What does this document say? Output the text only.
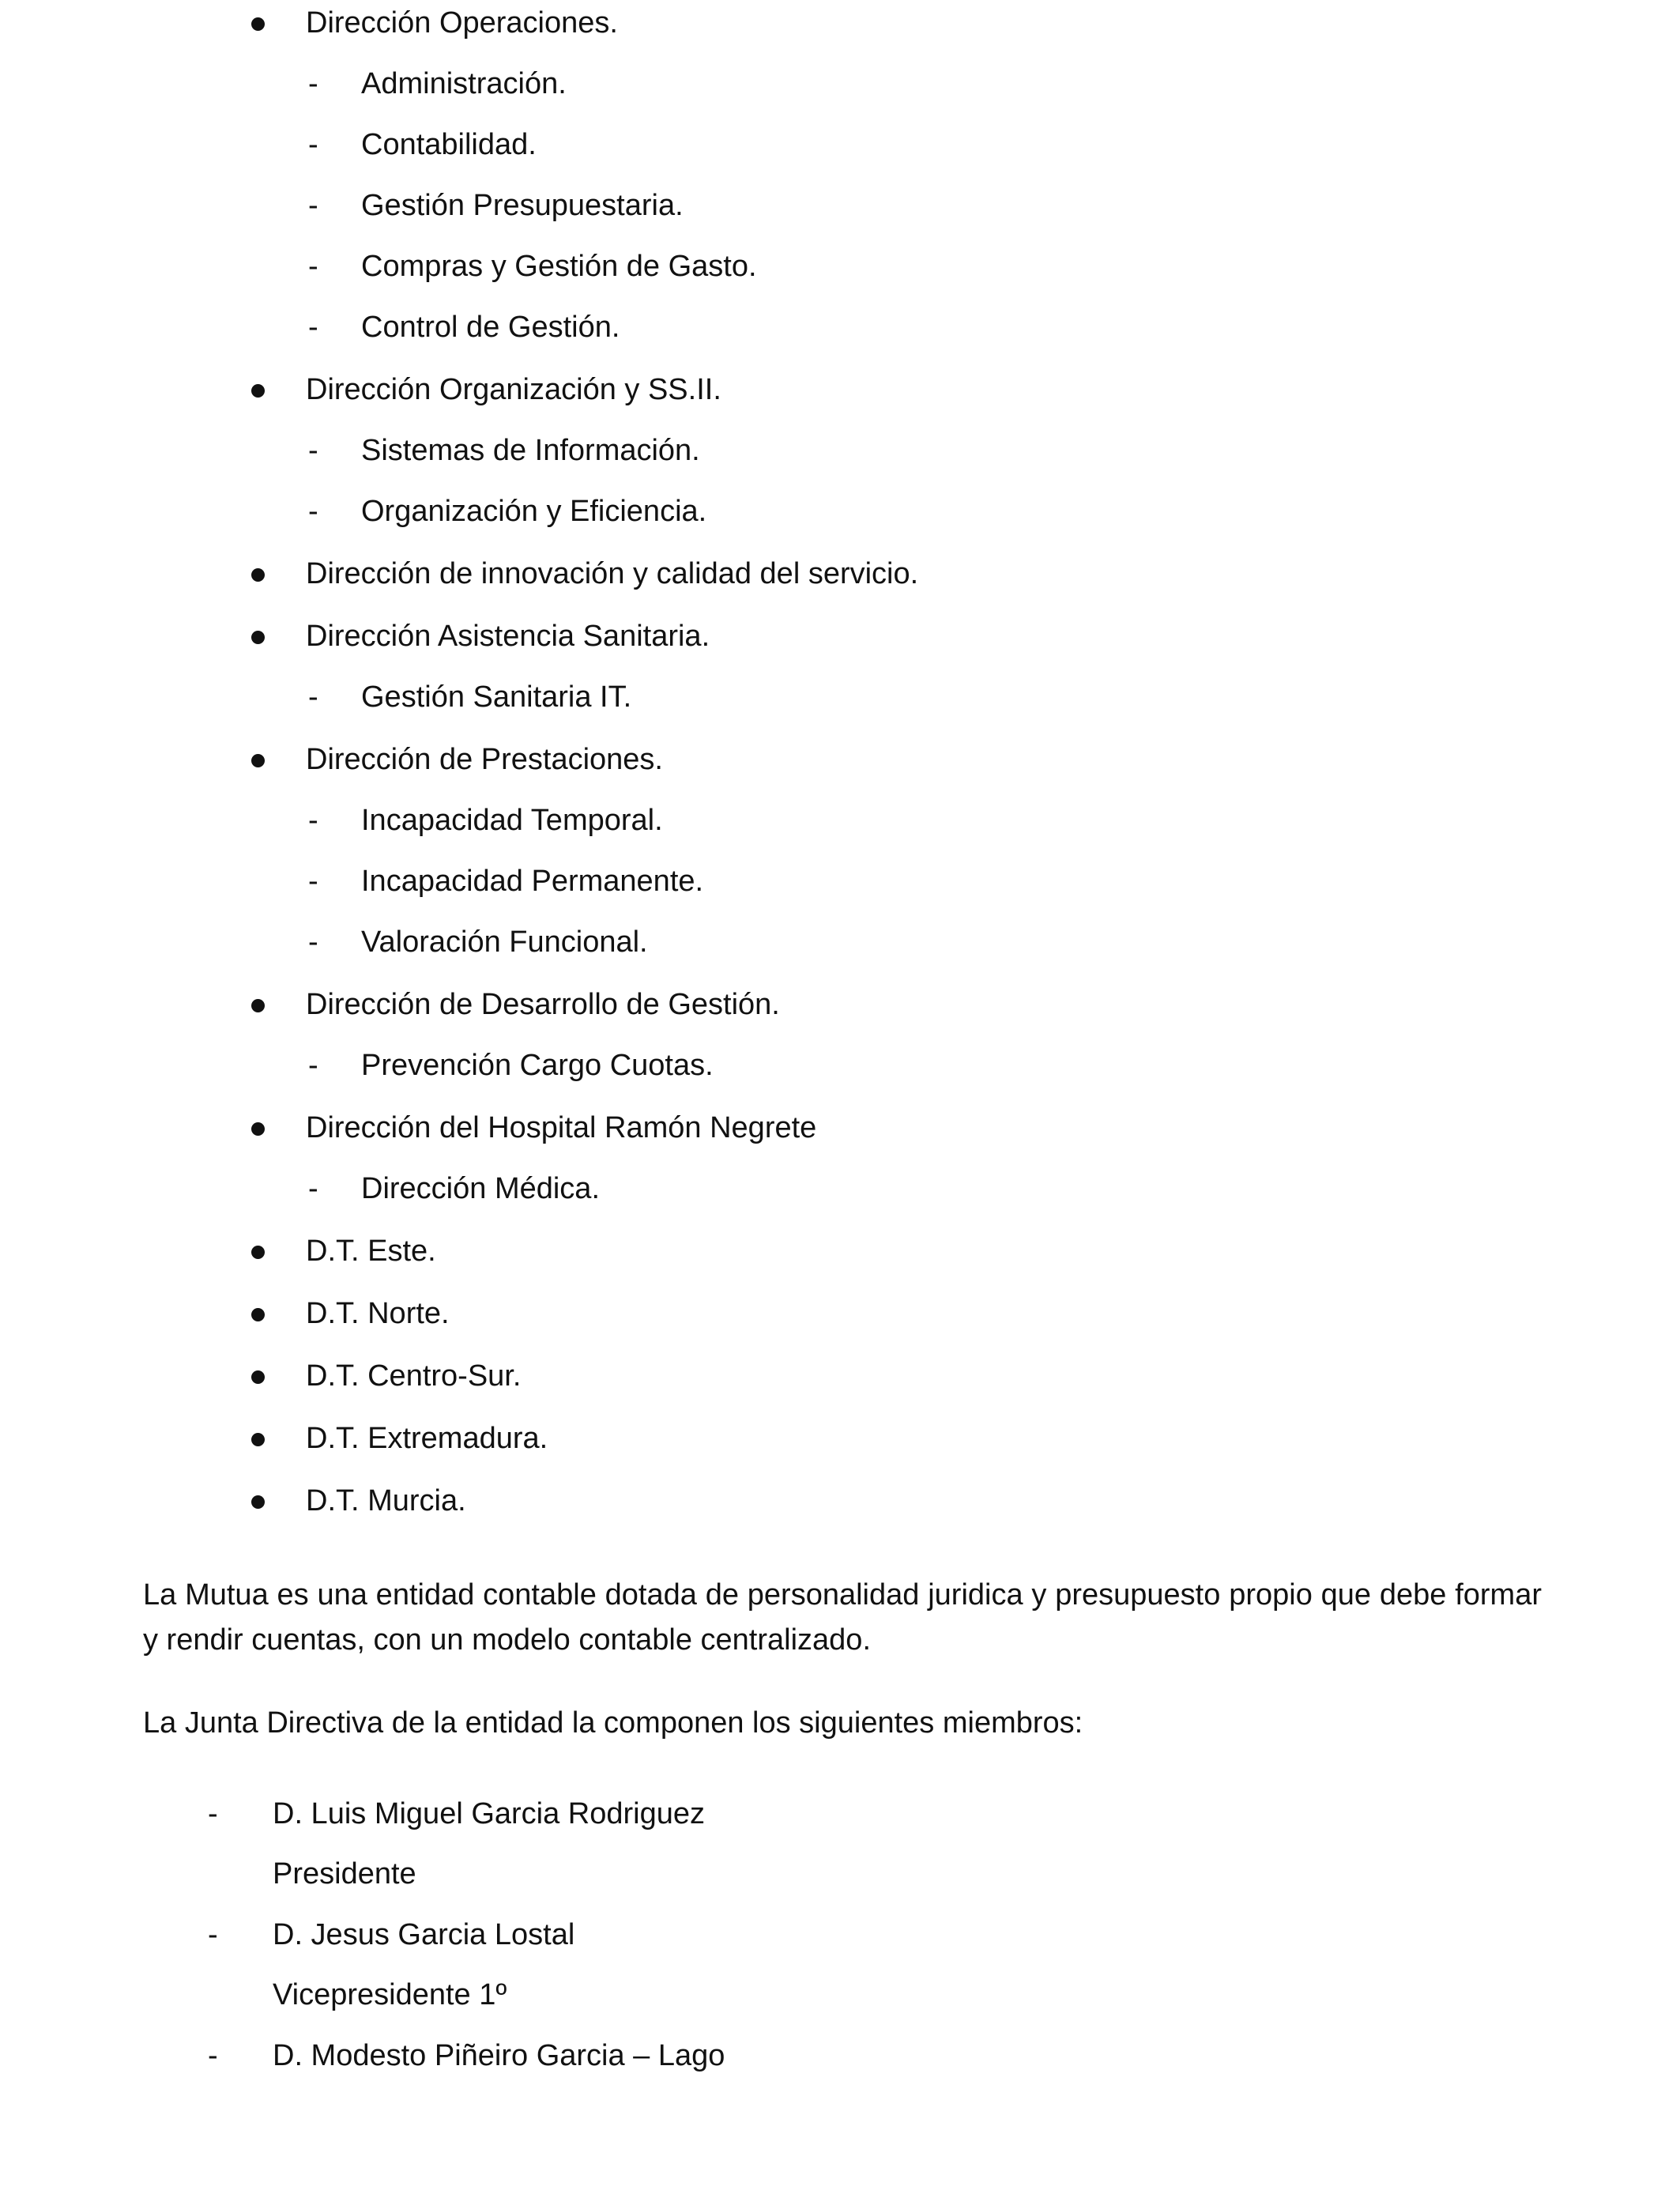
Dirección Operaciones.
- Administración.
- Contabilidad.
- Gestión Presupuestaria.
- Compras y Gestión de Gasto.
- Control de Gestión.
Dirección Organización y SS.II.
- Sistemas de Información.
- Organización y Eficiencia.
Dirección de innovación y calidad del servicio.
Dirección Asistencia Sanitaria.
- Gestión Sanitaria IT.
Dirección de Prestaciones.
- Incapacidad Temporal.
- Incapacidad Permanente.
- Valoración Funcional.
Dirección de Desarrollo de Gestión.
- Prevención Cargo Cuotas.
Dirección del Hospital Ramón Negrete
- Dirección Médica.
D.T. Este.
D.T. Norte.
D.T. Centro-Sur.
D.T. Extremadura.
D.T. Murcia.
La Mutua es una entidad contable dotada de personalidad juridica y presupuesto propio que debe formar y rendir cuentas, con un modelo contable centralizado.
La Junta Directiva de la entidad la componen los siguientes miembros:
- D. Luis Miguel Garcia Rodriguez
Presidente
- D. Jesus Garcia Lostal
Vicepresidente 1º
- D. Modesto Piñeiro Garcia – Lago
